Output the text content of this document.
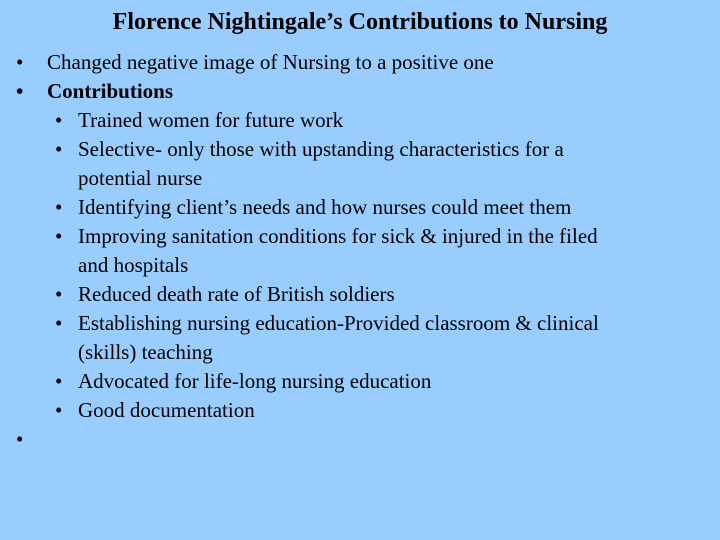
Florence Nightingale’s Contributions to Nursing
• Changed negative image of Nursing to a positive one
• Contributions
• Trained women for future work
• Selective- only those with upstanding characteristics for a
potential nurse
• Identifying client’s needs and how nurses could meet them
• Improving sanitation conditions for sick & injured in the filed
and hospitals
• Reduced death rate of British soldiers
• Establishing nursing education-Provided classroom & clinical
(skills) teaching
• Advocated for life-long nursing education
• Good documentation
•
